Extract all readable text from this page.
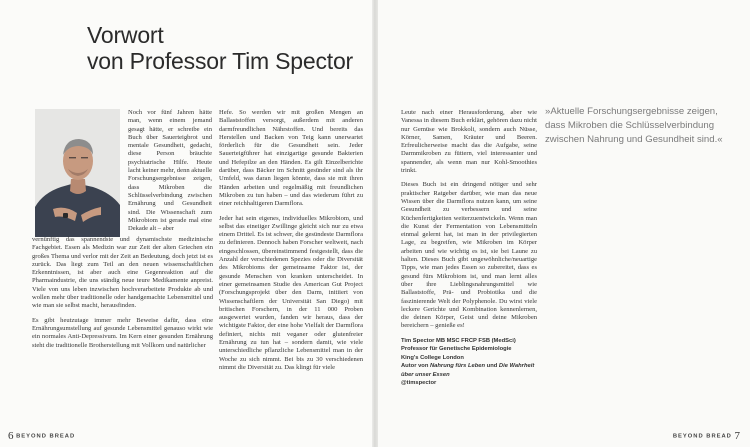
Vorwort
von Professor Tim Spector

Noch vor fünf Jahren hätte man, wenn einem jemand gesagt hätte, er schreibe ein Buch über Sauerteigbrot und mentale Gesundheit, gedacht, diese Person bräuchte psychiatrische Hilfe. Heute lacht keiner mehr, denn aktuelle Forschungsergebnisse zeigen, dass Mikroben die Schlüsselverbindung zwischen Ernährung und Gesundheit sind. Die Wissenschaft zum Mikrobiom ist gerade mal eine Dekade alt – aber

vernünftig das spannendste und dynamischste medizinische Fachgebiet. Essen als Medizin war zur Zeit der alten Griechen ein großes Thema und verlor mit der Zeit an Bedeutung, doch jetzt ist es zurück. Das liegt zum Teil an den neuen wissenschaftlichen Erkenntnissen, ist aber auch eine Gegenreaktion auf die Pharmaindustrie, die uns ständig neue teure Medikamente anpreist. Viele von uns leben inzwischen hochverarbeitete Produkte ab und wollen mehr über traditionelle oder handgemachte Lebensmittel und wie man sie selbst macht, herausfinden.

Es gibt heutzutage immer mehr Beweise dafür, dass eine Ernährungsumstellung auf gesunde Lebensmittel genauso wirkt wie ein normales Anti-Depressivum. Im Kern einer gesunden Ernährung steht die traditionelle Brotherstellung mit Vollkorn und natürlicher

Hefe. So werden wir mit großen Mengen an Ballaststoffen versorgt, außerdem mit anderen darmfreundlichen Nährstoffen. Und bereits das Herstellen und Backen von Teig kann unerwartet förderlich für die Gesundheit sein. Jeder Sauerteigführer hat einzigartige gesunde Bakterien und Hefepilze an den Händen. Es gilt Einzelberichte darüber, dass Bäcker im Schnitt gesünder sind als ihr Umfeld, was daran liegen könnte, dass sie mit ihren Händen arbeiten und regelmäßig mit freundlichen Mikroben zu tun haben – und das wiederum führt zu einer reichhaltigeren Darmflora.

Jeder hat sein eigenes, individuelles Mikrobiom, und selbst das eineiiger Zwillinge gleicht sich nur zu etwa einem Drittel. Es ist schwer, die gesündeste Darmflora zu definieren. Dennoch haben Forscher weltweit, nach eingeschlossen, übereinstimmend festgestellt, dass die Anzahl der verschiedenen Spezies oder die Diversität des Mikrobioms der gemeinsame Faktor ist, der gesunde Menschen von kranken unterscheidet. In einer gemeinsamen Studie des American Gut Project (Forschungsprojekt über den Darm, initiiert von Wissenschaftlern der Universität San Diego) mit britischen Forschern, in der 11 000 Proben ausgewertet wurden, fanden wir heraus, dass der wichtigste Faktor, der eine hohe Vielfalt der Darmflora definiert, nichts mit veganer oder glutenfreier Ernährung zu tun hat – sondern damit, wie viele unterschiedliche pflanzliche Lebensmittel man in der Woche zu sich nimmt. Bei bis zu 30 verschiedenen nimmt die Diversität zu. Das klingt für viele

Leute nach einer Herausforderung, aber wie Vanessa in diesem Buch erklärt, gehören dazu nicht nur Gemüse wie Brokkoli, sondern auch Nüsse, Körner, Samen, Kräuter und Beeren. Erfreulicherweise macht das die Aufgabe, seine Darmmikroben zu füttern, viel interessanter und spannender, als wenn man nur Kohl-Smoothies trinkt.

Dieses Buch ist ein dringend nötiger und sehr praktischer Ratgeber darüber, wie man das neue Wissen über die Darmflora nutzen kann, um seine Gesundheit zu verbessern und seine Küchenfertigkeiten weiterzuentwickeln. Wenn man die Kunst der Fermentation von Lebensmitteln einmal gelernt hat, ist man in der privilegierten Lage, zu begreifen, wie Mikroben im Körper arbeiten und wie wichtig es ist, sie bei Laune zu halten. Dieses Buch gibt ungewöhnliche/neuartige Tipps, wie man jedes Essen so zubereitet, dass es gesund fürs Mikrobiom ist, und man lernt alles über ihre Lieblingsnahrungsmittel wie Ballaststoffe, Prä- und Probiotika und die faszinierende Welt der Polyphenole. Du wirst viele leckere Gerichte und Kombination kennenlernen, die deinen Körper, Geist und deine Mikroben bereichern – genieße es!

Tim Spector MB MSC FRCP FSB (MedSci)
Professor für Genetische Epidemiologie
King's College London
Autor von Nahrung fürs Leben und Die Wahrheit über unser Essen
@timspector
»Aktuelle Forschungsergebnisse zeigen, dass Mikroben die Schlüsselverbindung zwischen Nahrung und Gesundheit sind.«
6 BEYOND BREAD	BEYOND BREAD 7
